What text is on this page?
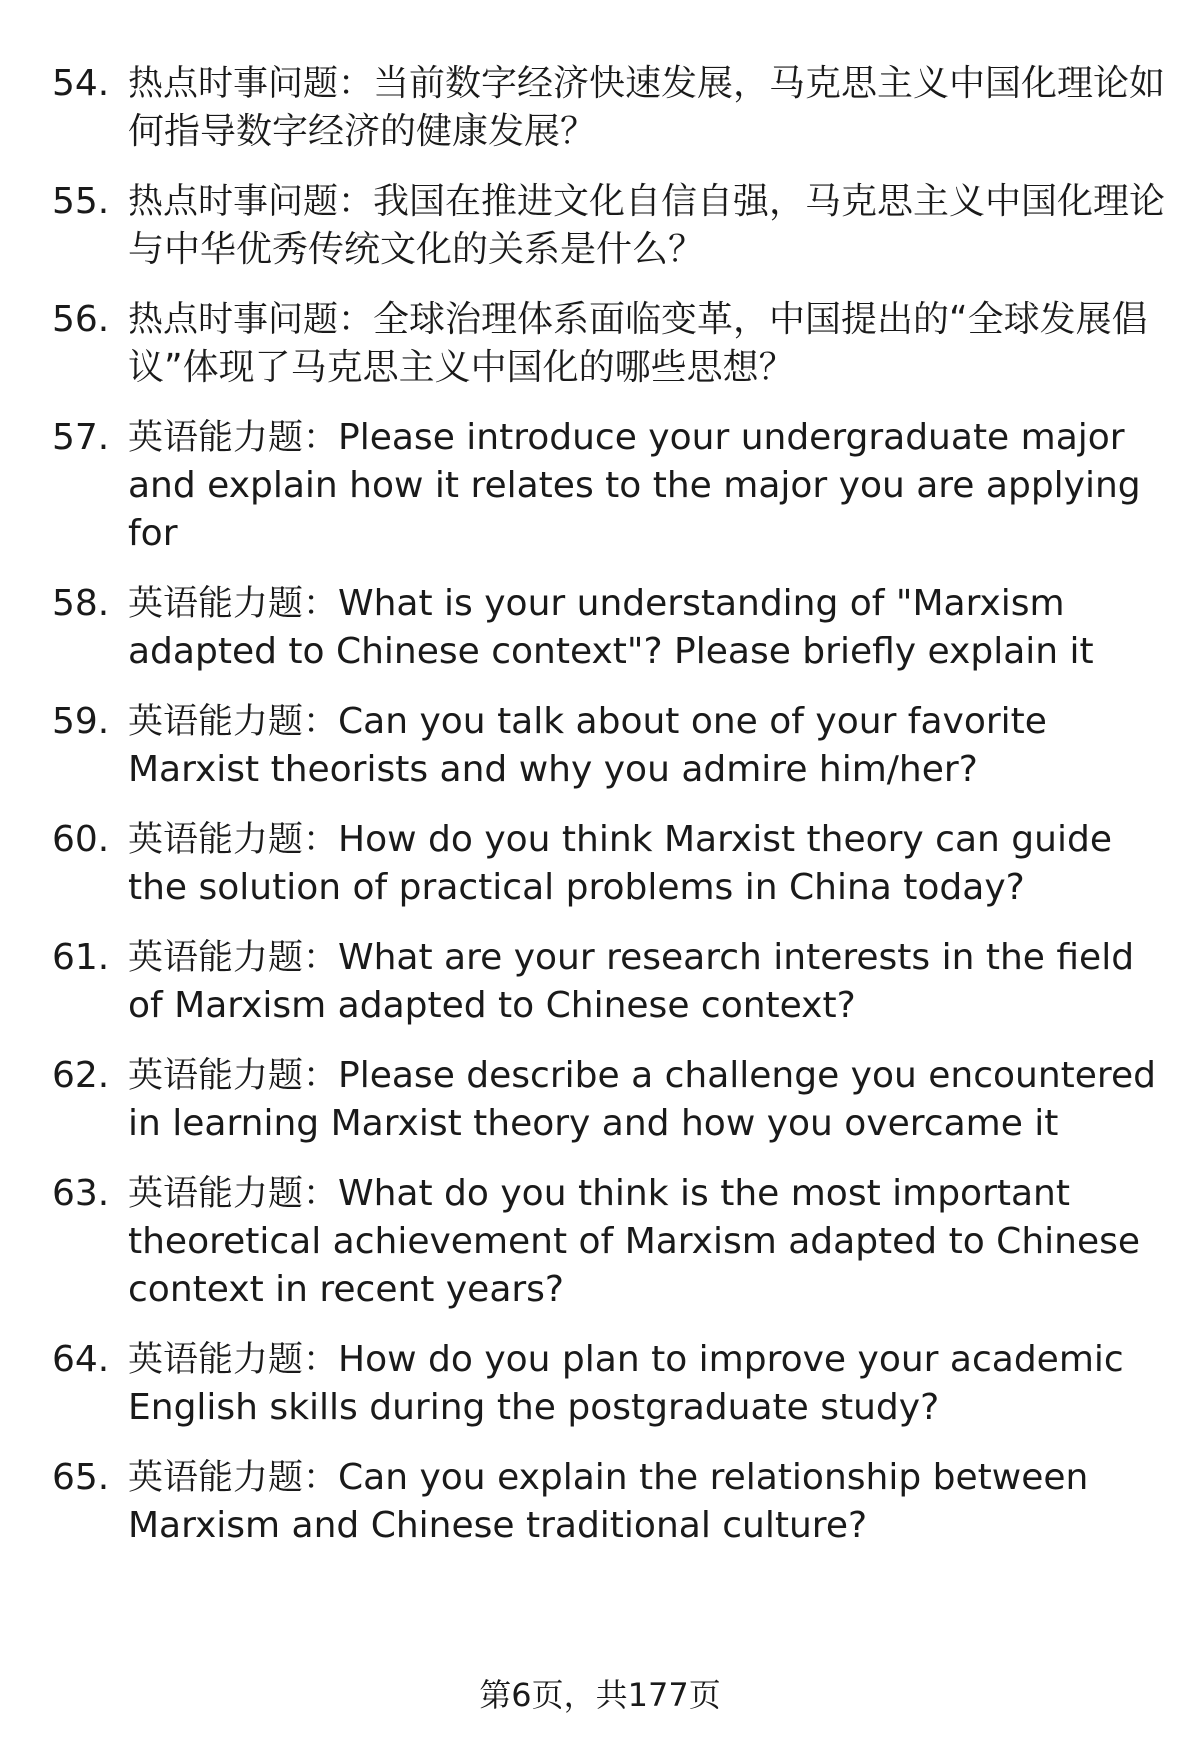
54. 热点时事问题：当前数字经济快速发展，马克思主义中国化理论如何指导数字经济的健康发展？
55. 热点时事问题：我国在推进文化自信自强，马克思主义中国化理论与中华优秀传统文化的关系是什么？
56. 热点时事问题：全球治理体系面临变革，中国提出的“全球发展倡议”体现了马克思主义中国化的哪些思想？
57. 英语能力题：Please introduce your undergraduate major and explain how it relates to the major you are applying for
58. 英语能力题：What is your understanding of "Marxism adapted to Chinese context"? Please briefly explain it
59. 英语能力题：Can you talk about one of your favorite Marxist theorists and why you admire him/her?
60. 英语能力题：How do you think Marxist theory can guide the solution of practical problems in China today?
61. 英语能力题：What are your research interests in the field of Marxism adapted to Chinese context?
62. 英语能力题：Please describe a challenge you encountered in learning Marxist theory and how you overcame it
63. 英语能力题：What do you think is the most important theoretical achievement of Marxism adapted to Chinese context in recent years?
64. 英语能力题：How do you plan to improve your academic English skills during the postgraduate study?
65. 英语能力题：Can you explain the relationship between Marxism and Chinese traditional culture?
第6页，共177页
